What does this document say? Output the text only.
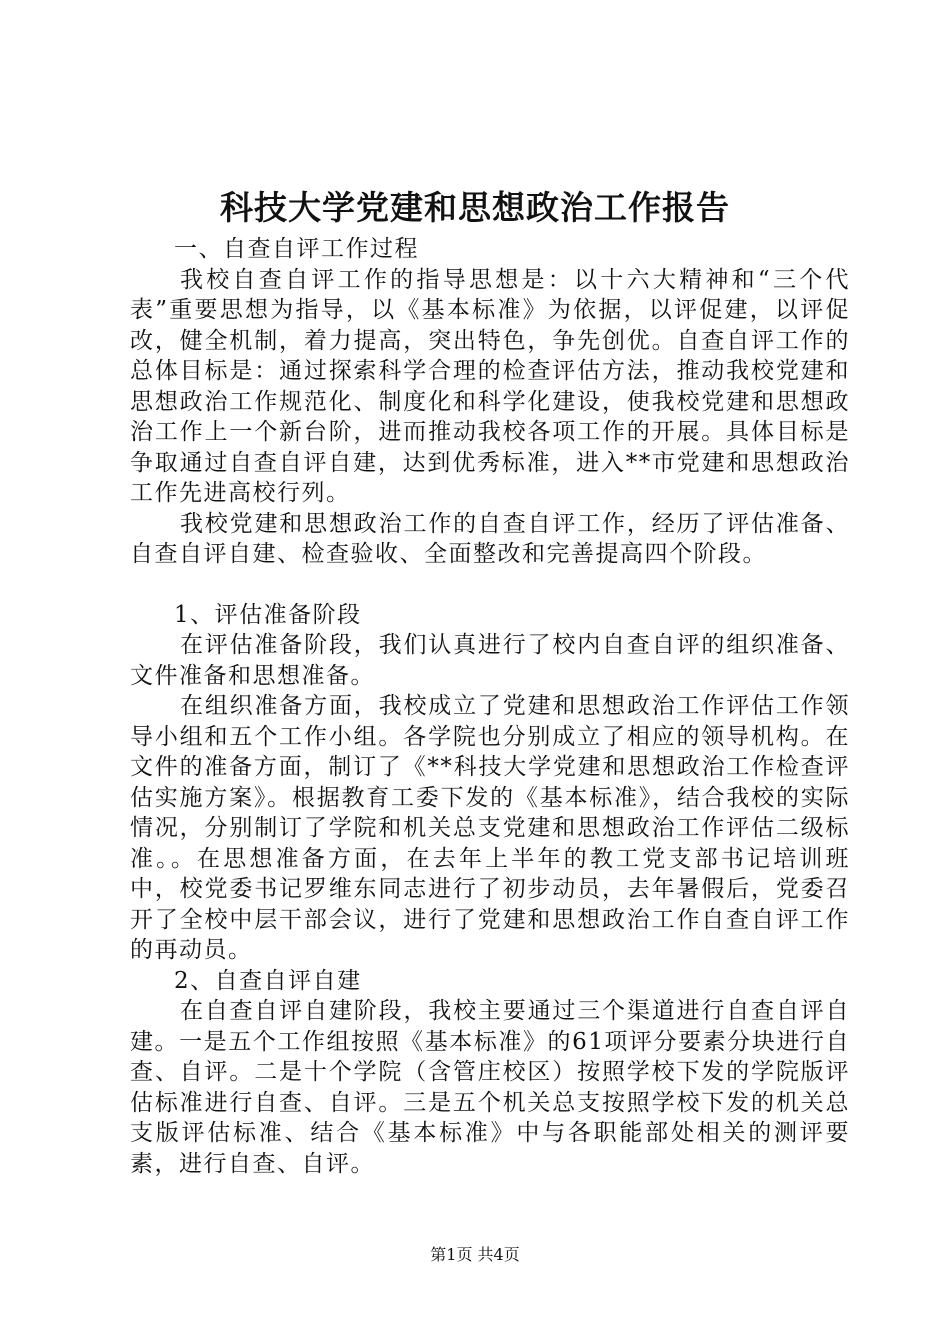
科技大学党建和思想政治工作报告

一、自查自评工作过程

我校自查自评工作的指导思想是：以十六大精神和“三个代表”重要思想为指导，以《基本标准》为依据，以评促建，以评促改，健全机制，着力提高，突出特色，争先创优。自查自评工作的总体目标是：通过探索科学合理的检查评估方法，推动我校党建和思想政治工作规范化、制度化和科学化建设，使我校党建和思想政治工作上一个新台阶，进而推动我校各项工作的开展。具体目标是争取通过自查自评自建，达到优秀标准，进入**市党建和思想政治工作先进高校行列。

我校党建和思想政治工作的自查自评工作，经历了评估准备、自查自评自建、检查验收、全面整改和完善提高四个阶段。

1、评估准备阶段

在评估准备阶段，我们认真进行了校内自查自评的组织准备、文件准备和思想准备。

在组织准备方面，我校成立了党建和思想政治工作评估工作领导小组和五个工作小组。各学院也分别成立了相应的领导机构。在文件的准备方面，制订了《**科技大学党建和思想政治工作检查评估实施方案》。根据教育工委下发的《基本标准》，结合我校的实际情况，分别制订了学院和机关总支党建和思想政治工作评估二级标准。。在思想准备方面，在去年上半年的教工党支部书记培训班中，校党委书记罗维东同志进行了初步动员，去年暑假后，党委召开了全校中层干部会议，进行了党建和思想政治工作自查自评工作的再动员。

2、自查自评自建

在自查自评自建阶段，我校主要通过三个渠道进行自查自评自建。一是五个工作组按照《基本标准》的61项评分要素分块进行自查、自评。二是十个学院（含管庄校区）按照学校下发的学院版评估标准进行自查、自评。三是五个机关总支按照学校下发的机关总支版评估标准、结合《基本标准》中与各职能部处相关的测评要素，进行自查、自评。

第1页 共4页
